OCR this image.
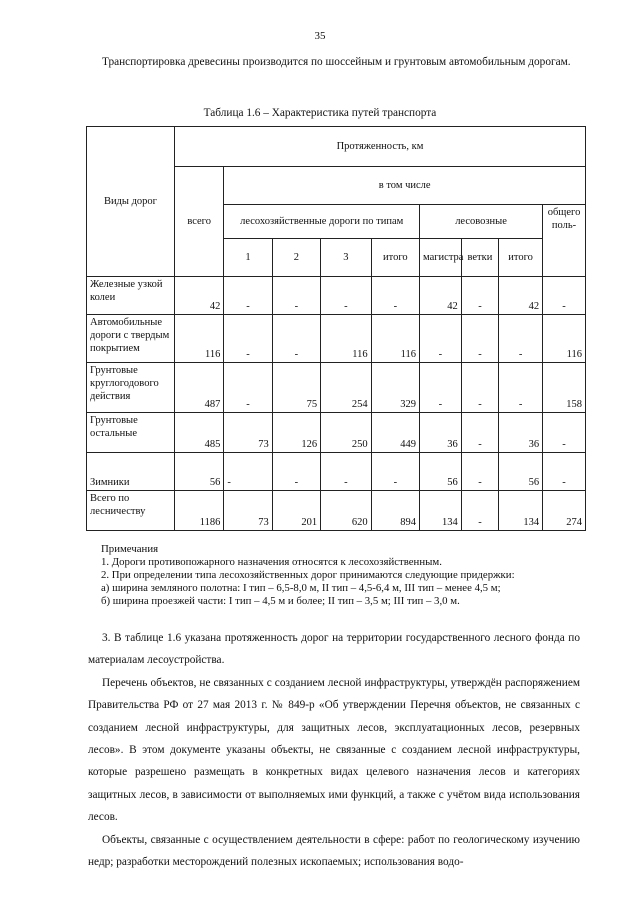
35
Транспортировка древесины производится по шоссейным и грунтовым автомобильным дорогам.
Таблица 1.6 – Характеристика путей транспорта
Виды дорог	Протяженность, км								
	всего	в том числе							
		лесохозяйственные дороги по типам				лесовозные			общего поль-
		1	2	3	итого	магистра	ветки	итого	
Железные узкой колеи	42	-	-	-	-	42	-	42	-
Автомобильные дороги с твердым покрытием	116	-	-	116	116	-	-	-	116
Грунтовые круглогодового действия	487	-	75	254	329	-	-	-	158
Грунтовые остальные	485	73	126	250	449	36	-	36	-
Зимники	56	-	-	-	-	56	-	56	-
Всего по лесничеству	1186	73	201	620	894	134	-	134	274
Примечания
1. Дороги противопожарного назначения относятся к лесохозяйственным.
2. При определении типа лесохозяйственных дорог принимаются следующие придержки:
а) ширина земляного полотна: I тип – 6,5-8,0 м, II тип – 4,5-6,4 м, III тип – менее 4,5 м;
б) ширина проезжей части: I тип – 4,5 м и более; II тип – 3,5 м; III тип – 3,0 м.

3. В таблице 1.6 указана протяженность дорог на территории государственного лесного фонда по материалам лесоустройства.

Перечень объектов, не связанных с созданием лесной инфраструктуры, утверждён распоряжением Правительства РФ от 27 мая 2013 г. № 849-р «Об утверждении Перечня объектов, не связанных с созданием лесной инфраструктуры, для защитных лесов, эксплуатационных лесов, резервных лесов». В этом документе указаны объекты, не связанные с созданием лесной инфраструктуры, которые разрешено размещать в конкретных видах целевого назначения лесов и категориях защитных лесов, в зависимости от выполняемых ими функций, а также с учётом вида использования лесов.

Объекты, связанные с осуществлением деятельности в сфере: работ по геологическому изучению недр; разработки месторождений полезных ископаемых; использования водо-
